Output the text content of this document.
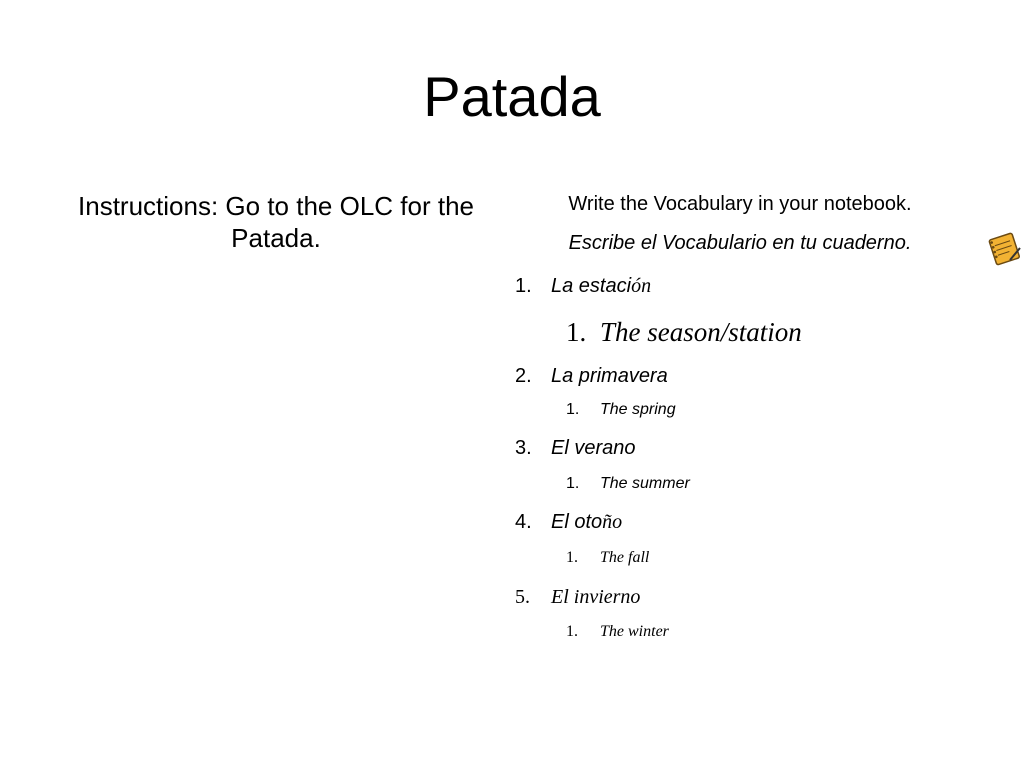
Patada
Instructions: Go to the OLC for the Patada.
Write the Vocabulary in your notebook.
Escribe el Vocabulario en tu cuaderno.
1. La estación
1. The season/station
2. La primavera
1. The spring
3. El verano
1. The summer
4. El otoño
1. The fall
5. El invierno
1. The winter
